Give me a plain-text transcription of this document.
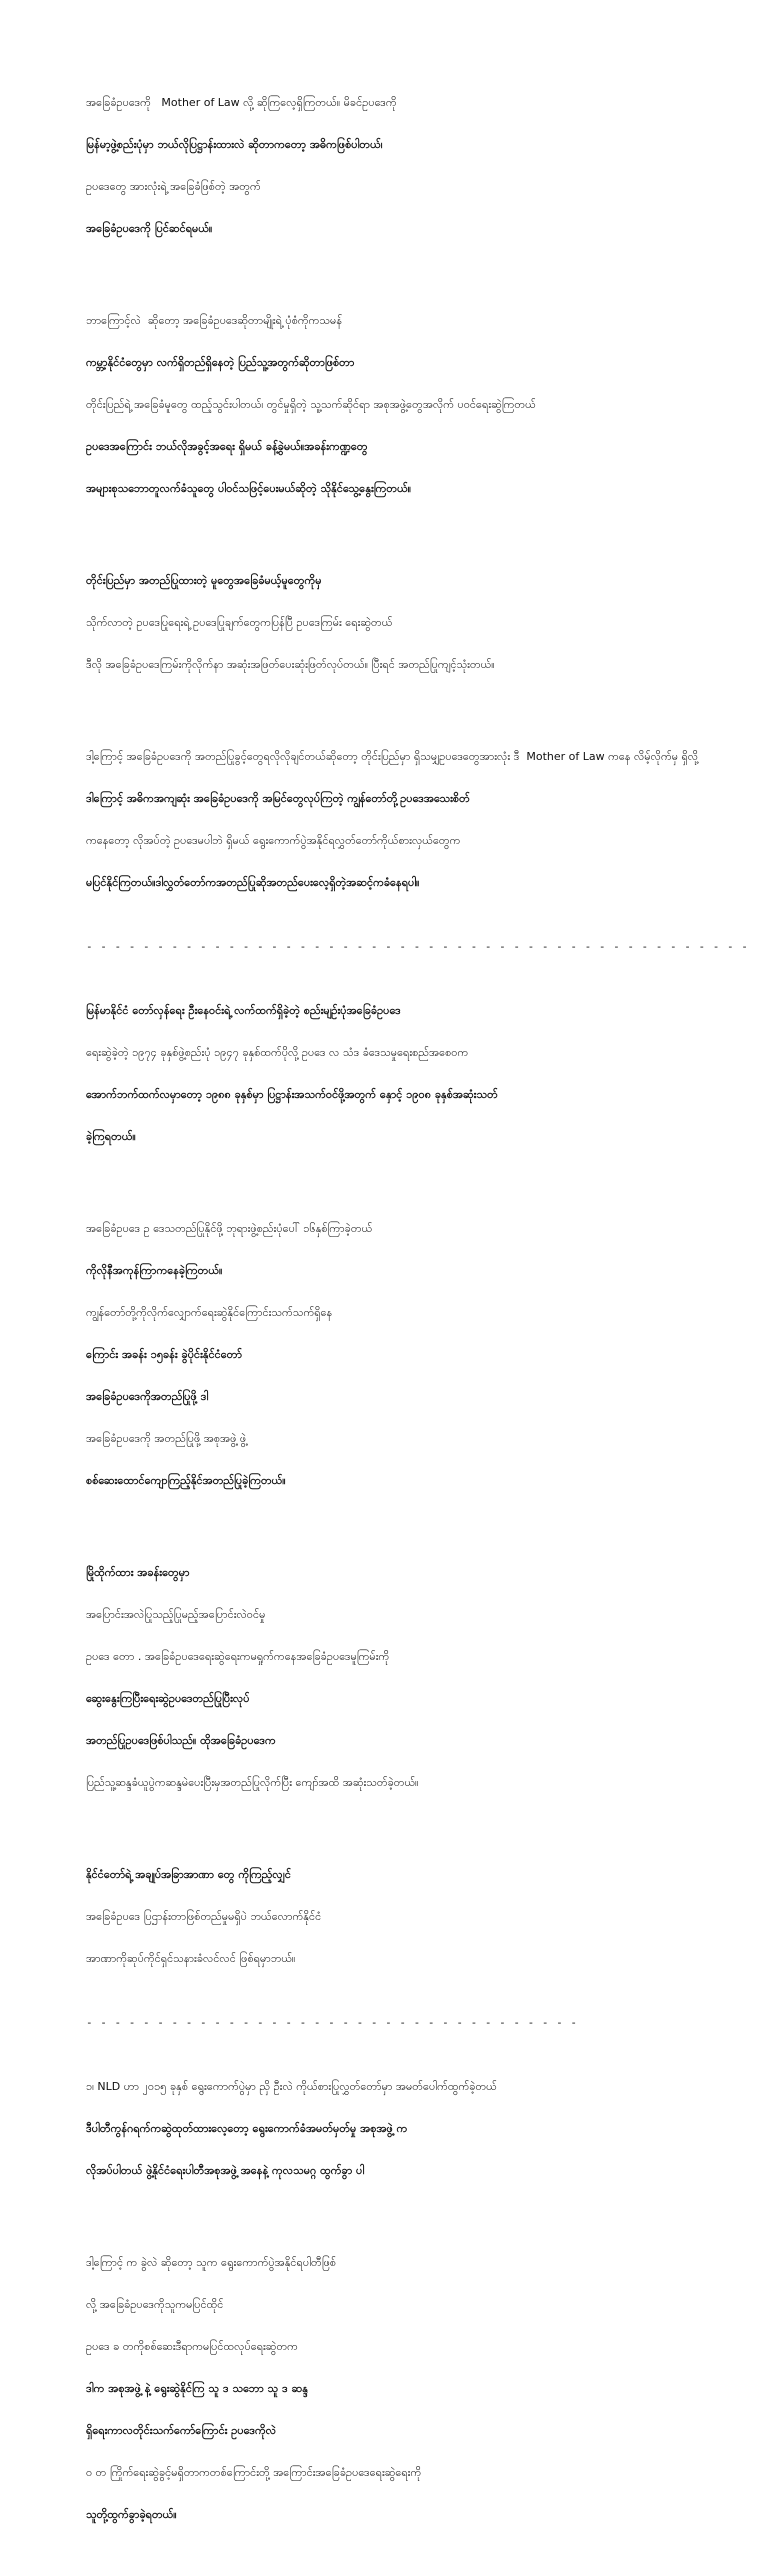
အခြေခံဥပဒေကို   Mother of Law လို့ ဆိုကြလေ့ရှိကြတယ်။ မိခင်ဥပဒေကို

မြန်မာ့ဖွဲ့စည်းပုံမှာ ဘယ်လိုပြဋ္ဌာန်းထားလဲ ဆိုတာကတော့ အဓိကဖြစ်ပါတယ်၊

ဥပဒေတွေ အားလုံးရဲ့ အခြေခံဖြစ်တဲ့ အတွက်

အခြေခံဥပဒေကို ပြင်ဆင်ရမယ်။

ဘာကြောင့်လဲ  ဆိုတော့ အခြေခံဥပဒေဆိုတာမျိုးရဲ့ ပုံစံကိုကသမန်

ကမ္ဘာ့နိုင်ငံတွေမှာ လက်ရှိတည်ရှိနေတဲ့ ပြည်သူ့အတွက်ဆိုတာဖြစ်တာ

တိုင်းပြည်ရဲ့ အခြေခံမူတွေ ထည့်သွင်းပါတယ်၊ တွင်မှုရှိတဲ့ သူ့သက်ဆိုင်ရာ အစုအဖွဲ့တွေအလိုက် ပဝင်ရေးဆွဲကြတယ်

ဥပဒေအကြောင်း ဘယ်လိုအခွင့်အရေး ရှိမယ် ခန့်ခွဲမယ်။အခန်းကဏ္ဍတွေ

အများစုသဘောတူလက်ခံသူတွေ ပါဝင်သဖြင့်ပေးမယ်ဆိုတဲ့ သိုနိုင်သွေ့နွေးကြတယ်။

တိုင်းပြည်မှာ အတည်ပြုထားတဲ့ မူတွေအခြေခံမယ့်မူတွေကိုမှ

သိုက်လာတဲ့ ဥပဒေပြုရေးရဲ့ ဥပဒေပြုချက်တွေကပြန်ပြီ ဥပဒေကြမ်း ရေးဆွဲတယ်

ဒီလို အခြေခံဥပဒေကြမ်းကိုလိုက်နာ အဆုံးအဖြတ်ပေးဆုံးဖြတ်လုပ်တယ်။ ပြီးရင် အတည်ပြုကျင့်သုံးတယ်။

ဒါ့ကြောင့် အခြေခံဥပဒေကို အတည်ပြုခွင့်တွေရလိုလိုချင်တယ်ဆိုတော့ တိုင်းပြည်မှာ ရှိသမျှဥပဒေတွေအားလုံး ဒီ  Mother of Law ကနေ လိမ့်လိုက်မှ ရှိလို့

ဒါကြောင့် အဓိကအကျဆုံး အခြေခံဥပဒေကို အမြင်တွေလုပ်ကြတဲ့ ကျွန်တော်တို့ဥပဒေအသေးစိတ်

ကနေတော့ လိုအပ်တဲ့ ဥပဒေမပါဘဲ ရှိမယ် ရွေးကောက်ပွဲအနိုင်ရလွှတ်တော်ကိုယ်စားလှယ်တွေက

မပြင်နိုင်ကြတယ်။ဒါလွှတ်တော်ကအတည်ပြုဆိုအတည်ပေးလေ့ရှိတဲ့အဆင့်ကခံနေရပါ။

- - - - - - - - - - - - - - - - - - - - - - - - - - - - - - - - - - - - - - - - - - - - - - -

မြန်မာနိုင်ငံ တော်လှန်ရေး ဦးနေဝင်းရဲ့ လက်ထက်ရှိခဲ့တဲ့ စည်းမျဉ်းပုံအခြေခံဥပဒေ

ရေးဆွဲခဲ့တဲ့ ၁၉၇၄ ခုနှစ်ဖွဲ့စည်းပုံ ၁၉၄၇ ခုနှစ်ထက်ပိုလို့ ဥပဒေ လ သံဒ ခံ​‌ဒေသမှုရေးစည်အစေ‌ဝက

အောက်ဘက်ထက်လမှာတော့ ၁၉၈၈ ခုနှစ်မှာ ပြဋ္ဌာန်းအသက်ဝင်ဖို့အတွက် နှောင့် ၁၉၀၈ ခုနှစ်အဆုံးသတ်

ခဲ့ကြရတယ်။

အခြေခံဥပဒေ ဥ ဒေသတည်ပြုနိုင်ဖို့ ဘုရားဖွဲ့စည်းပုံပေါ် ၁၆နှစ်ကြာခဲ့တယ်

ကိုလိုနီအကုန်ကြာကနေခဲ့ကြတယ်။

ကျွန်တော်တို့ကိုလိုက်လျှောက်ရေးဆွဲနိုင်ကြောင်းသက်သက်ရှိနေ

ကြောင်း အခန်း ၁၅ခန်း ခွဲပိုင်းနိုင်ငံတော်

အခြေခံဥပဒေကိုအတည်ပြုဖို့ ဒါ

အခြေခံဥပဒေကို အတည်ပြုဖို့ အစုအဖွဲ့ ဖွဲ့

စစ်ဆေးထောင်ကျောကြည့်နိုင်အတည်ပြုခဲ့ကြတယ်။

မြိုထိုက်ထား အခန်းတွေမှာ

အပြောင်းအလဲပြုသည့်ပြုမည့်အပြောင်းလဲဝင်မှု

ဥပဒေ တော . အခြေခံဥပဒေရေးဆွဲရေးကမရှုက်ကနေအခြေခံဥပဒေမူကြမ်းကို

ဆွေးနွေးကြပြီးရေးဆွဲဥပဒေတည်ပြုပြီးလုပ်

အတည်ပြုဥပဒေဖြစ်ပါသည်။ ထိုအခြေခံဥပဒေက

ပြည်သူ့ဆန္ဒခံယူပွဲကဆန္ဒမဲပေးပြီးမှအတည်ပြုလိုက်ပြီး ကျော်အထိ အဆုံးသတ်ခဲ့တယ်။

နိုင်ငံတော်ရဲ့ အချုပ်အခြာအာဏာ တွေ ကိုကြည့်လျှင်

အခြေခံဥပဒေ ပြဌာန်းတာဖြစ်တည်မှုမရှိပဲ ဘယ်လောက်နိုင်ငံ

အာဏာကိုဆုပ်ကိုင်ရှင်သနားခံလင်လင် ဖြစ်ရမှာဘယ်။

- - - - - - - - - - - - - - - - - - - - - - - - - - - - - - - - - - -

၁၊ NLD ဟာ ၂၀၁၅ ခုနှစ် ရွေးကောက်ပွဲမှာ ညှိ ဦးလဲ ကိုယ်စားပြုလွှတ်တော်မှာ အမတ်ပေါက်ထွက်ခဲ့တယ်

ဒီပါတီကွန်ဂရက်ကဆွဲထုတ်ထားလေ့တော့ ရွေးကောက်ခံအမတ်မှတ်မှု အစုအဖွဲ့ က

လိုအပ်ပါတယ် ဖွဲ့နိုင်ငံရေးပါတီအစုအဖွဲ့ အနေနဲ့ ကုလသမဂ္ဂ ထွက်ခွာ ပါ

ဒါ့ကြောင့် က ခွဲလဲ ဆိုတော့ သူက ရွေးကောက်ပွဲအနိုင်ရပါတီဖြစ်

လို့ အခြေခံဥပဒေကိုသူကမပြင်ထိုင်

ဥပဒေ ခ တကိုစစ်ဆေးဒီရာကမပြင်ထလုပ်ရေးဆွဲတက

ဒါက အစုအဖွဲ့ နဲ့ ရွေးဆွဲနိုင်ကြ သူ ဒ သဘော သူ ဒ ဆန္ဒ

ရှိရေးကာလတိုင်းသက်ကော်ကြောင်း ဥပဒေကိုလဲ

၀ တ ကြိုက်ရေးဆွဲခွင့်မရှိတာကတစ်ကြောင်းတို့ အကြောင်းအခြေခံဥပဒေရေးဆွဲရေးကို

သူတို့ထွက်ခွာခဲ့ရတယ်။
